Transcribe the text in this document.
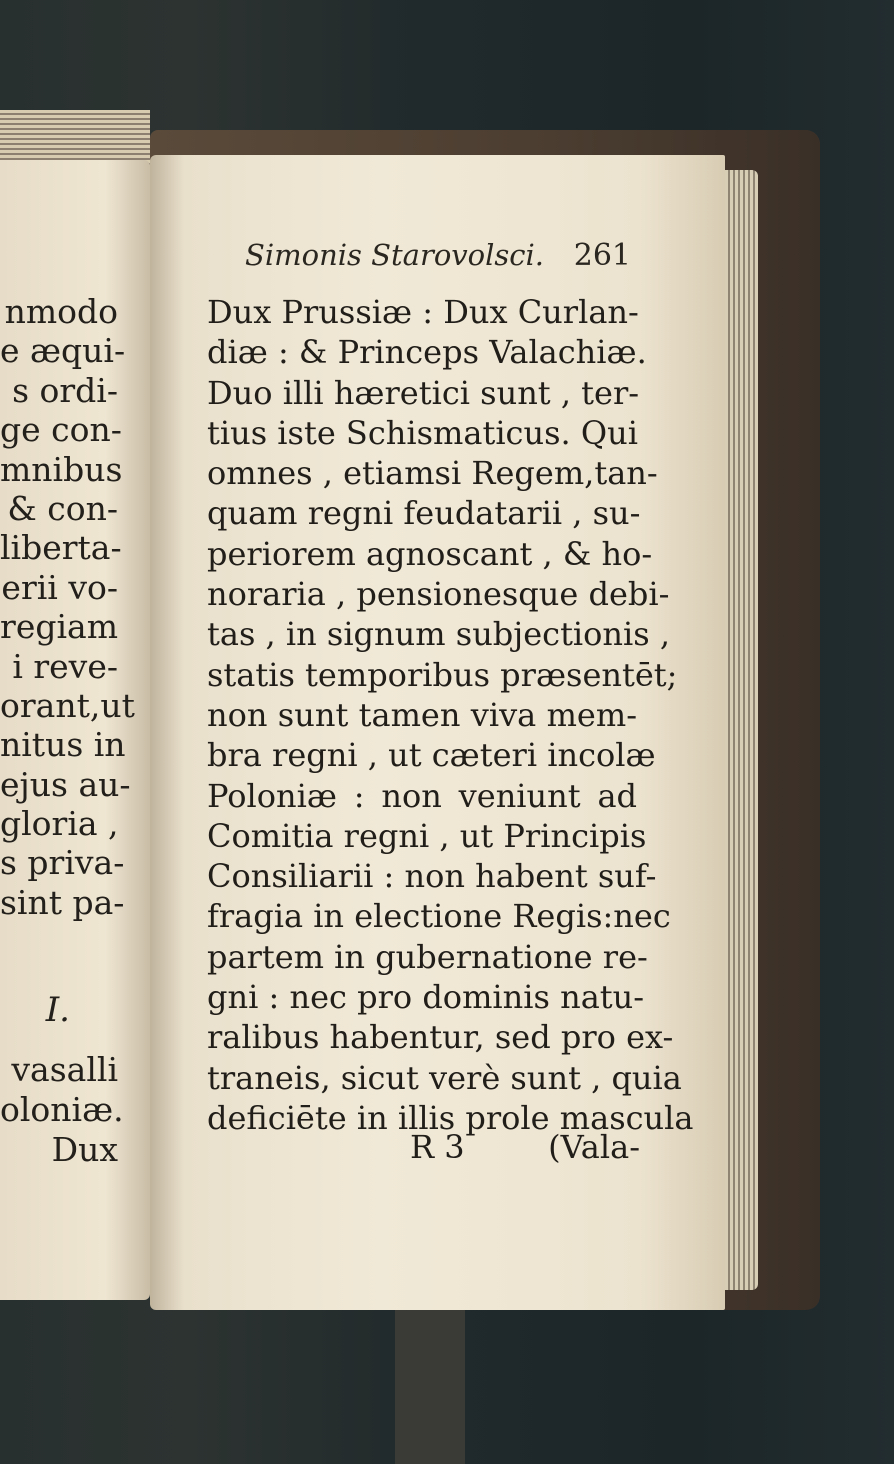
nmodo
e æqui-
s ordi-
ge con-
mnibus
& con-
liberta-
erii vo-
regiam
i reve-
orant,ut
nitus in
ejus au-
gloria ,
s priva-
sint pa-
I.
vasalli
oloniæ.
Dux
Simonis Starovolsci. 261
Dux Prussiæ : Dux Curlan-
diæ : & Princeps Valachiæ.
Duo illi hæretici sunt , ter-
tius iste Schismaticus. Qui
omnes , etiamsi Regem,tan-
quam regni feudatarii , su-
periorem agnoscant , & ho-
noraria , pensionesque debi-
tas , in signum subjectionis ,
statis temporibus præsentēt;
non sunt tamen viva mem-
bra regni , ut cæteri incolæ
Poloniæ : non veniunt ad
Comitia regni , ut Principis
Consiliarii : non habent suf-
fragia in electione Regis:nec
partem in gubernatione re-
gni : nec pro dominis natu-
ralibus habentur, sed pro ex-
traneis, sicut verè sunt , quia
deficiēte in illis prole mascula
R 3	(Vala-
